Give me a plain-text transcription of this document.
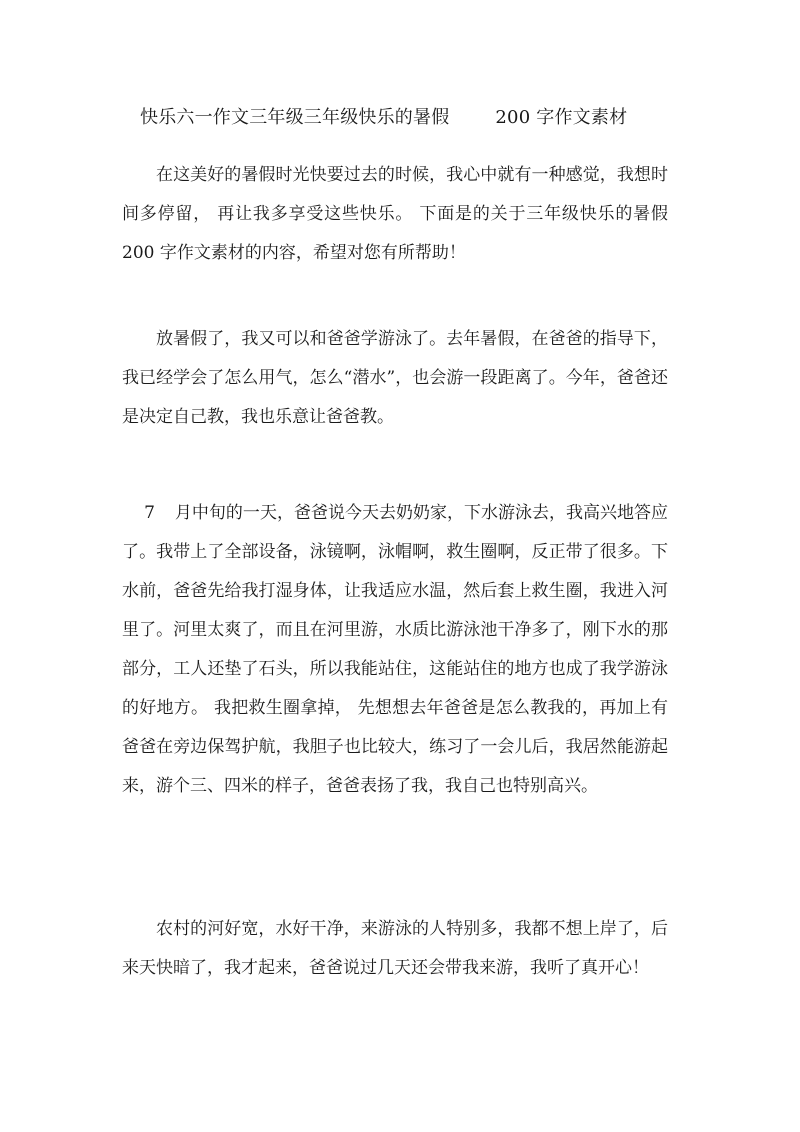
快乐六一作文三年级三年级快乐的暑假	200 字作文素材

在这美好的暑假时光快要过去的时候，我心中就有一种感觉，我想时间多停留， 再让我多享受这些快乐。 下面是的关于三年级快乐的暑假 200 字作文素材的内容，希望对您有所帮助！

放暑假了，我又可以和爸爸学游泳了。去年暑假，在爸爸的指导下，我已经学会了怎么用气，怎么“潜水”，也会游一段距离了。今年，爸爸还是决定自己教，我也乐意让爸爸教。

7 月中旬的一天，爸爸说今天去奶奶家，下水游泳去，我高兴地答应了。我带上了全部设备，泳镜啊，泳帽啊，救生圈啊，反正带了很多。下水前，爸爸先给我打湿身体，让我适应水温，然后套上救生圈，我进入河里了。河里太爽了，而且在河里游，水质比游泳池干净多了，刚下水的那部分，工人还垫了石头，所以我能站住，这能站住的地方也成了我学游泳的好地方。 我把救生圈拿掉， 先想想去年爸爸是怎么教我的，再加上有爸爸在旁边保驾护航，我胆子也比较大，练习了一会儿后，我居然能游起来，游个三、四米的样子，爸爸表扬了我，我自己也特别高兴。

农村的河好宽，水好干净，来游泳的人特别多，我都不想上岸了，后来天快暗了，我才起来，爸爸说过几天还会带我来游，我听了真开心！
